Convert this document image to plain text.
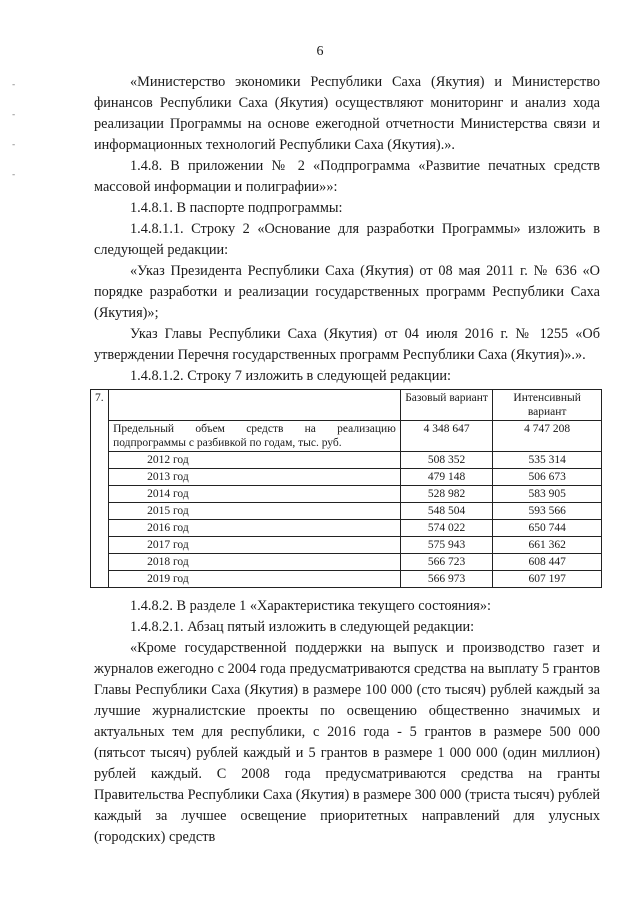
-
-
-
-
6

«Министерство экономики Республики Саха (Якутия) и Министерство финансов Республики Саха (Якутия) осуществляют мониторинг и анализ хода реализации Программы на основе ежегодной отчетности Министерства связи и информационных технологий Республики Саха (Якутия).».

1.4.8. В приложении № 2 «Подпрограмма «Развитие печатных средств массовой информации и полиграфии»»:

1.4.8.1. В паспорте подпрограммы:

1.4.8.1.1. Строку 2 «Основание для разработки Программы» изложить в следующей редакции:

«Указ Президента Республики Саха (Якутия) от 08 мая 2011 г. № 636 «О порядке разработки и реализации государственных программ Республики Саха (Якутия)»;

Указ Главы Республики Саха (Якутия) от 04 июля 2016 г. № 1255 «Об утверждении Перечня государственных программ Республики Саха (Якутия)».».

1.4.8.1.2. Строку 7 изложить в следующей редакции:

7.		Базовый вариант	Интенсивный вариант
	Предельный объем средств на реализацию подпрограммы с разбивкой по годам, тыс. руб.	4 348 647	4 747 208
	2012 год	508 352	535 314
	2013 год	479 148	506 673
	2014 год	528 982	583 905
	2015 год	548 504	593 566
	2016 год	574 022	650 744
	2017 год	575 943	661 362
	2018 год	566 723	608 447
	2019 год	566 973	607 197

1.4.8.2. В разделе 1 «Характеристика текущего состояния»:

1.4.8.2.1. Абзац пятый изложить в следующей редакции:

«Кроме государственной поддержки на выпуск и производство газет и журналов ежегодно с 2004 года предусматриваются средства на выплату 5 грантов Главы Республики Саха (Якутия) в размере 100 000 (сто тысяч) рублей каждый за лучшие журналистские проекты по освещению общественно значимых и актуальных тем для республики, с 2016 года - 5 грантов в размере 500 000 (пятьсот тысяч) рублей каждый и 5 грантов в размере 1 000 000 (один миллион) рублей каждый. С 2008 года предусматриваются средства на гранты Правительства Республики Саха (Якутия) в размере 300 000 (триста тысяч) рублей каждый за лучшее освещение приоритетных направлений для улусных (городских) средств
